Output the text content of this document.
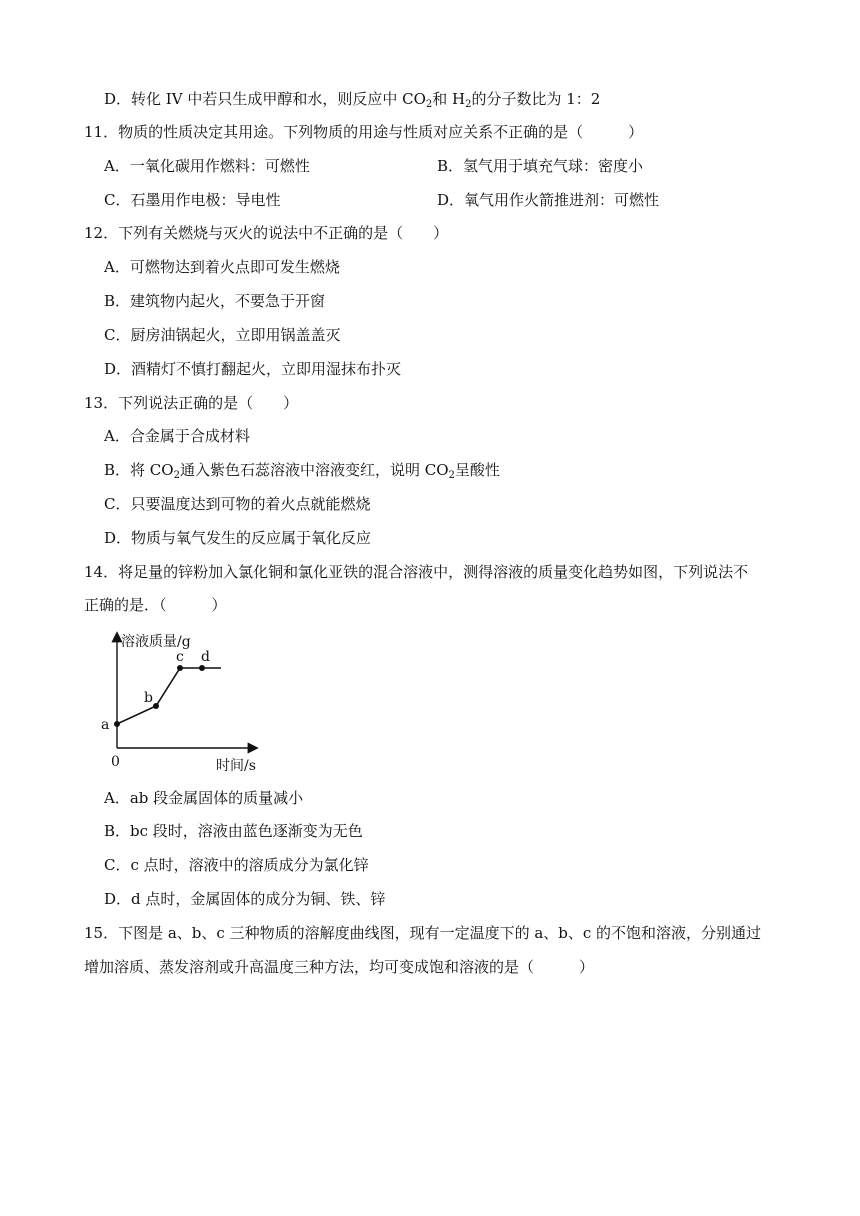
D．转化 IV 中若只生成甲醇和水，则反应中 $CO_2$和 $H_2$的分子数比为 1：2
11．物质的性质决定其用途。下列物质的用途与性质对应关系不正确的是（　　　）
A．一氧化碳用作燃料：可燃性	B．氢气用于填充气球：密度小
C．石墨用作电极：导电性	D．氧气用作火箭推进剂：可燃性
12．下列有关燃烧与灭火的说法中不正确的是（　　）
A．可燃物达到着火点即可发生燃烧
B．建筑物内起火，不要急于开窗
C．厨房油锅起火，立即用锅盖盖灭
D．酒精灯不慎打翻起火，立即用湿抹布扑灭
13．下列说法正确的是（　　）
A．合金属于合成材料
B．将 $CO_2$通入紫色石蕊溶液中溶液变红，说明 $CO_2$呈酸性
C．只要温度达到可物的着火点就能燃烧
D．物质与氧气发生的反应属于氧化反应
14．将足量的锌粉加入氯化铜和氯化亚铁的混合溶液中，测得溶液的质量变化趋势如图，下列说法不
正确的是．（　　　）
溶液质量/g
时间/s
0
a
b
c d
A．ab 段金属固体的质量减小
B．bc 段时，溶液由蓝色逐渐变为无色
C．c 点时，溶液中的溶质成分为氯化锌
D．d 点时，金属固体的成分为铜、铁、锌
15．下图是 a、b、c 三种物质的溶解度曲线图，现有一定温度下的 a、b、c 的不饱和溶液，分别通过
增加溶质、蒸发溶剂或升高温度三种方法，均可变成饱和溶液的是（　　　）
